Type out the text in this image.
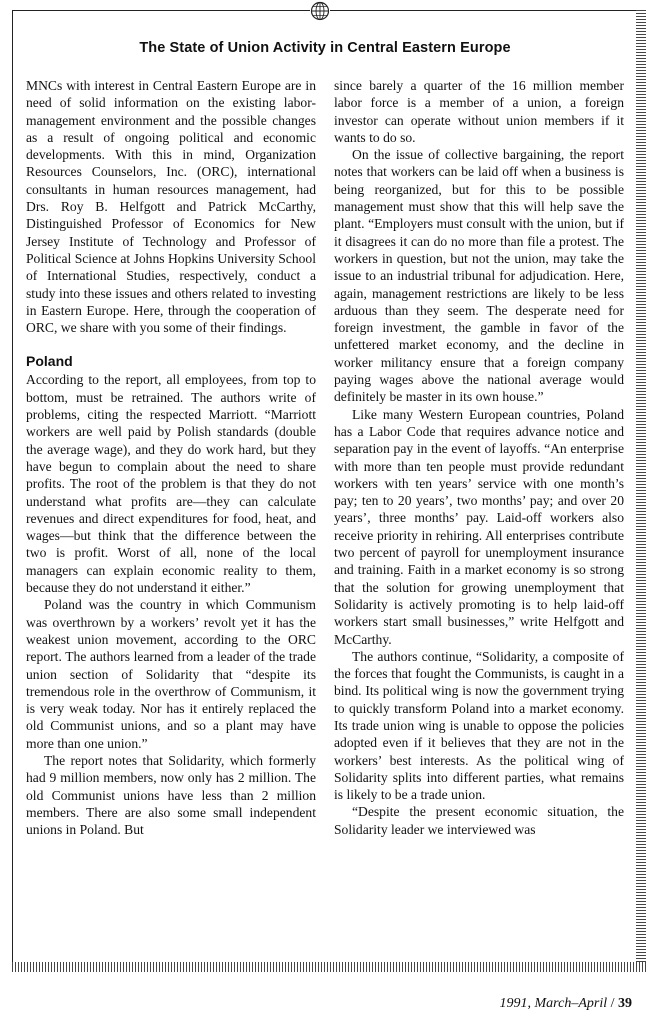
The State of Union Activity in Central Eastern Europe

MNCs with interest in Central Eastern Europe are in need of solid information on the existing labor-management environment and the possible changes as a result of ongoing political and economic developments. With this in mind, Organization Resources Counselors, Inc. (ORC), international consultants in human resources management, had Drs. Roy B. Helfgott and Patrick McCarthy, Distinguished Professor of Economics for New Jersey Institute of Technology and Professor of Political Science at Johns Hopkins University School of International Studies, respectively, conduct a study into these issues and others related to investing in Eastern Europe. Here, through the cooperation of ORC, we share with you some of their findings.

Poland

According to the report, all employees, from top to bottom, must be retrained. The authors write of problems, citing the respected Marriott. “Marriott workers are well paid by Polish standards (double the average wage), and they do work hard, but they have begun to complain about the need to share profits. The root of the problem is that they do not understand what profits are—they can calculate revenues and direct expenditures for food, heat, and wages—but think that the difference between the two is profit. Worst of all, none of the local managers can explain economic reality to them, because they do not understand it either.”

Poland was the country in which Communism was overthrown by a workers’ revolt yet it has the weakest union movement, according to the ORC report. The authors learned from a leader of the trade union section of Solidarity that “despite its tremendous role in the overthrow of Communism, it is very weak today. Nor has it entirely replaced the old Communist unions, and so a plant may have more than one union.”

The report notes that Solidarity, which formerly had 9 million members, now only has 2 million. The old Communist unions have less than 2 million members. There are also some small independent unions in Poland. But

since barely a quarter of the 16 million member labor force is a member of a union, a foreign investor can operate without union members if it wants to do so.

On the issue of collective bargaining, the report notes that workers can be laid off when a business is being reorganized, but for this to be possible management must show that this will help save the plant. “Employers must consult with the union, but if it disagrees it can do no more than file a protest. The workers in question, but not the union, may take the issue to an industrial tribunal for adjudication. Here, again, management restrictions are likely to be less arduous than they seem. The desperate need for foreign investment, the gamble in favor of the unfettered market economy, and the decline in worker militancy ensure that a foreign company paying wages above the national average would definitely be master in its own house.”

Like many Western European countries, Poland has a Labor Code that requires advance notice and separation pay in the event of layoffs. “An enterprise with more than ten people must provide redundant workers with ten years’ service with one month’s pay; ten to 20 years’, two months’ pay; and over 20 years’, three months’ pay. Laid-off workers also receive priority in rehiring. All enterprises contribute two percent of payroll for unemployment insurance and training. Faith in a market economy is so strong that the solution for growing unemployment that Solidarity is actively promoting is to help laid-off workers start small businesses,” write Helfgott and McCarthy.

The authors continue, “Solidarity, a composite of the forces that fought the Communists, is caught in a bind. Its political wing is now the government trying to quickly transform Poland into a market economy. Its trade union wing is unable to oppose the policies adopted even if it believes that they are not in the workers’ best interests. As the political wing of Solidarity splits into different parties, what remains is likely to be a trade union.

“Despite the present economic situation, the Solidarity leader we interviewed was

1991, March–April / 39
